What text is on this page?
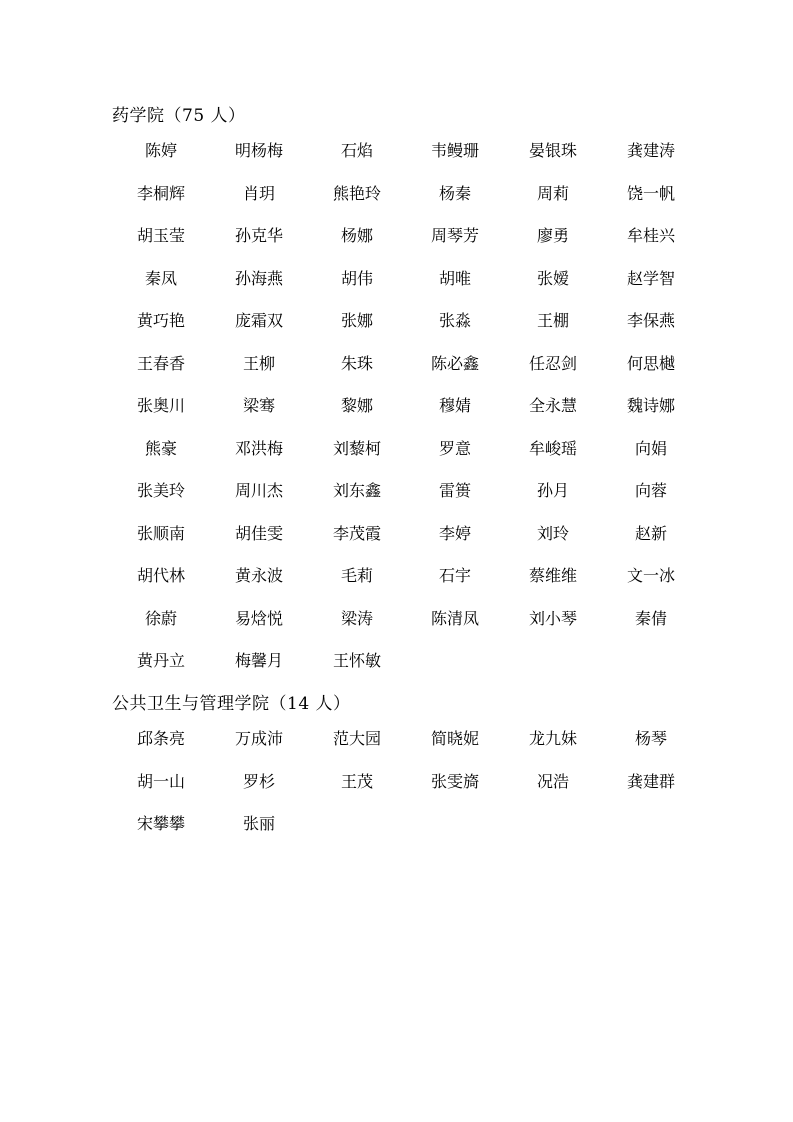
药学院（75 人）
陈婷	明杨梅	石焰	韦鳗珊	晏银珠	龚建涛
李桐辉	肖玥	熊艳玲	杨秦	周莉	饶一帆
胡玉莹	孙克华	杨娜	周琴芳	廖勇	牟桂兴
秦凤	孙海燕	胡伟	胡唯	张嫒	赵学智
黄巧艳	庞霜双	张娜	张淼	王棚	李保燕
王春香	王柳	朱珠	陈必鑫	任忍剑	何思樾
张奥川	梁骞	黎娜	穆婧	全永慧	魏诗娜
熊豪	邓洪梅	刘藜柯	罗意	牟峻瑶	向娟
张美玲	周川杰	刘东鑫	雷篑	孙月	向蓉
张顺南	胡佳雯	李茂霞	李婷	刘玲	赵新
胡代林	黄永波	毛莉	石宇	蔡维维	文一冰
徐蔚	易焓悦	梁涛	陈清凤	刘小琴	秦倩
黄丹立	梅馨月	王怀敏
公共卫生与管理学院（14 人）
邱条亮	万成沛	范大园	简晓妮	龙九妹	杨琴
胡一山	罗杉	王茂	张雯旖	况浩	龚建群
宋攀攀	张丽
